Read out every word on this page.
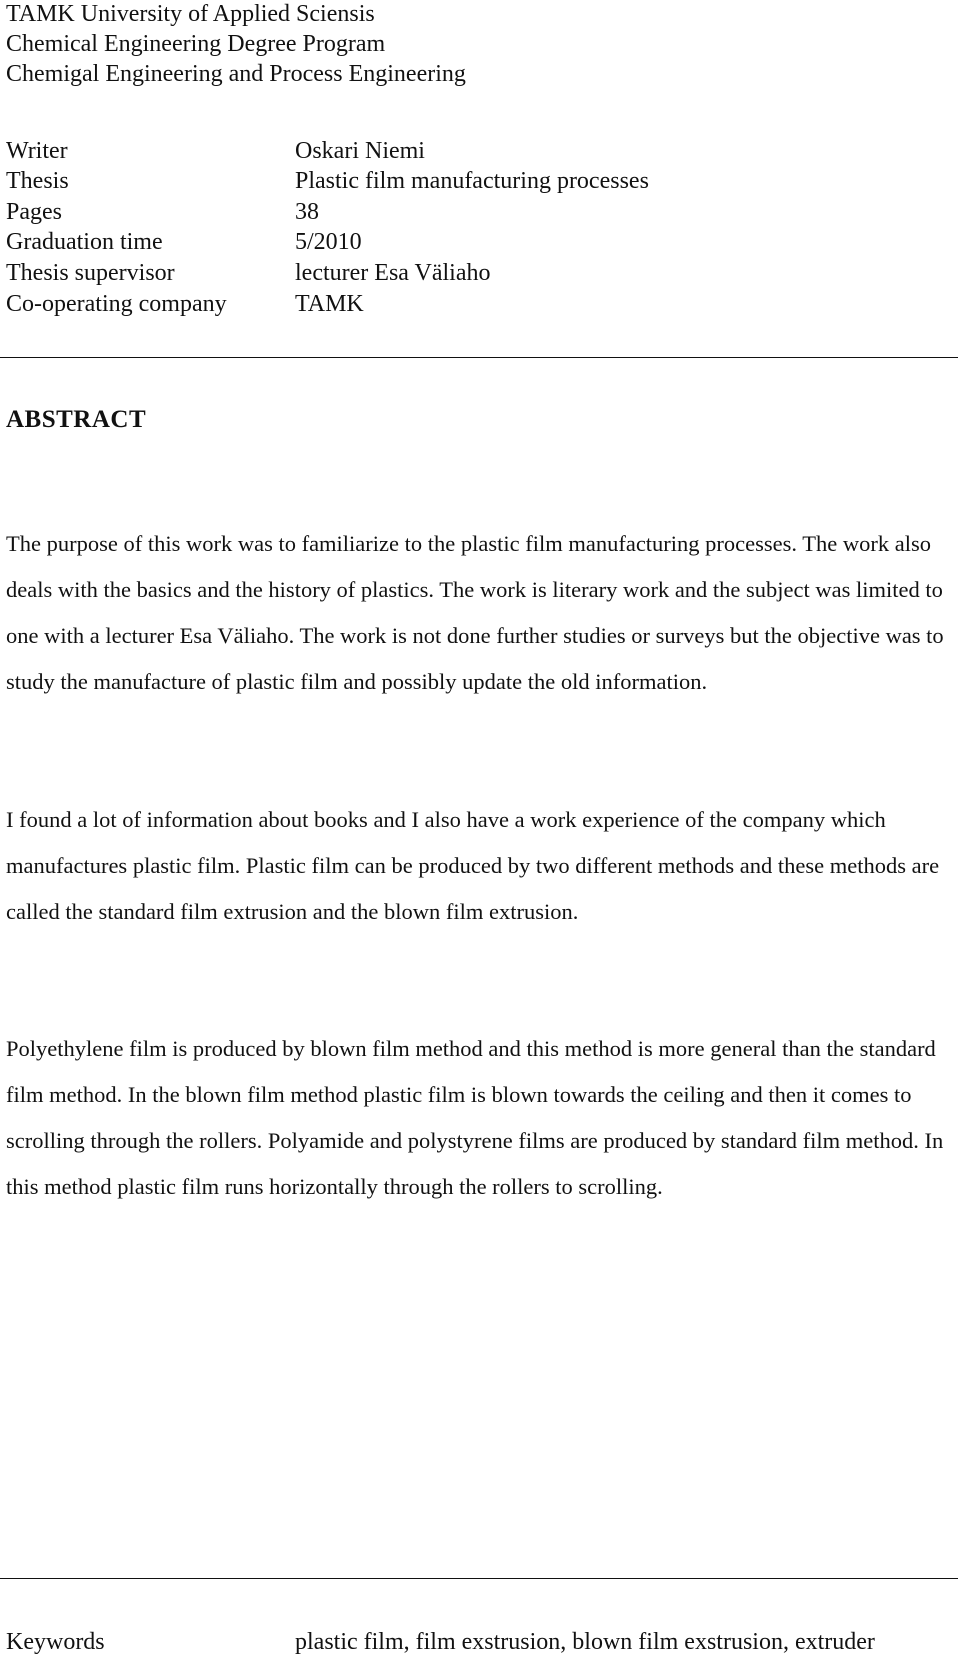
TAMK University of Applied Sciensis
Chemical Engineering Degree Program
Chemigal Engineering and Process Engineering
Writer	Oskari Niemi
Thesis	Plastic film manufacturing processes
Pages	38
Graduation time	5/2010
Thesis supervisor	lecturer Esa Väliaho
Co-operating company	TAMK
ABSTRACT

The purpose of this work was to familiarize to the plastic film manufacturing processes. The work also deals with the basics and the history of plastics. The work is literary work and the subject was limited to one with a lecturer Esa Väliaho. The work is not done further studies or surveys but the objective was to study the manufacture of plastic film and possibly update the old information.

I found a lot of information about books and I also have a work experience of the company which manufactures plastic film. Plastic film can be produced by two different methods and these methods are called the standard film extrusion and the blown film extrusion.

Polyethylene film is produced by blown film method and this method is more general than the standard film method. In the blown film method plastic film is blown towards the ceiling and then it comes to scrolling through the rollers. Polyamide and polystyrene films are produced by standard film method. In this method plastic film runs horizontally through the rollers to scrolling.

Keywords	plastic film, film exstrusion, blown film exstrusion, extruder
